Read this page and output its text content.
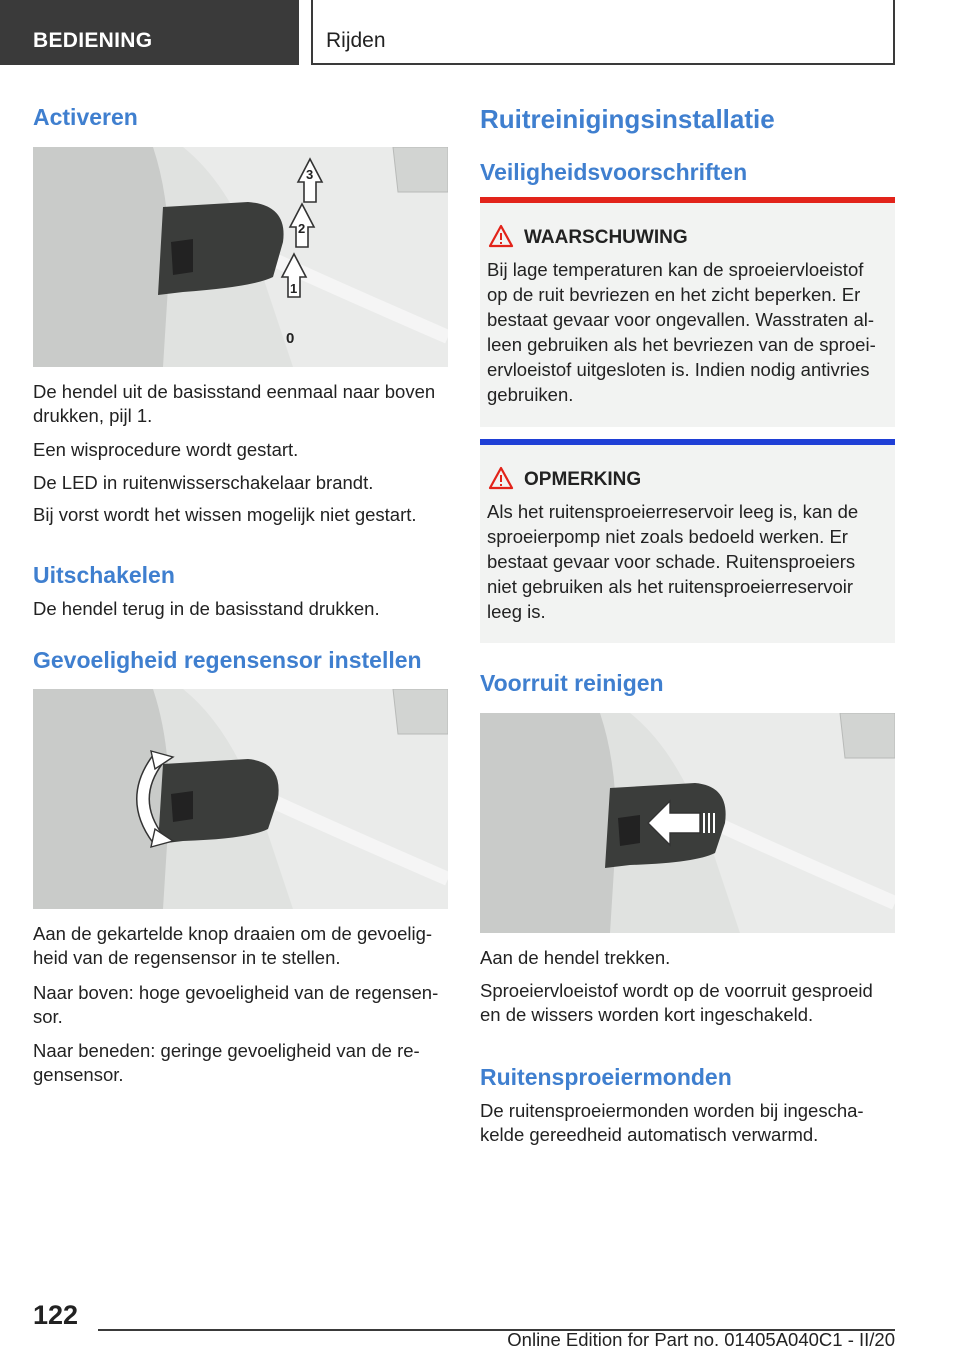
BEDIENING	Rijden
Activeren
3
2
1
0
De hendel uit de basisstand eenmaal naar boven drukken, pijl 1.
Een wisprocedure wordt gestart.
De LED in ruitenwisserschakelaar brandt.
Bij vorst wordt het wissen mogelijk niet gestart.
Uitschakelen
De hendel terug in de basisstand drukken.
Gevoeligheid regensensor instellen
Aan de gekartelde knop draaien om de gevoelig-heid van de regensensor in te stellen.
Naar boven: hoge gevoeligheid van de regensen-sor.
Naar beneden: geringe gevoeligheid van de re-gensensor.
Ruitreinigingsinstallatie
Veiligheidsvoorschriften
WAARSCHUWING
Bij lage temperaturen kan de sproeiervloeistof op de ruit bevriezen en het zicht beperken. Er bestaat gevaar voor ongevallen. Wasstraten al-leen gebruiken als het bevriezen van de sproei-ervloeistof uitgesloten is. Indien nodig antivries gebruiken.
OPMERKING
Als het ruitensproeierreservoir leeg is, kan de sproeierpomp niet zoals bedoeld werken. Er bestaat gevaar voor schade. Ruitensproeiers niet gebruiken als het ruitensproeierreservoir leeg is.
Voorruit reinigen
Aan de hendel trekken.
Sproeiervloeistof wordt op de voorruit gesproeid en de wissers worden kort ingeschakeld.
Ruitensproeiermonden
De ruitensproeiermonden worden bij ingescha-kelde gereedheid automatisch verwarmd.
122
Online Edition for Part no. 01405A040C1 - II/20
